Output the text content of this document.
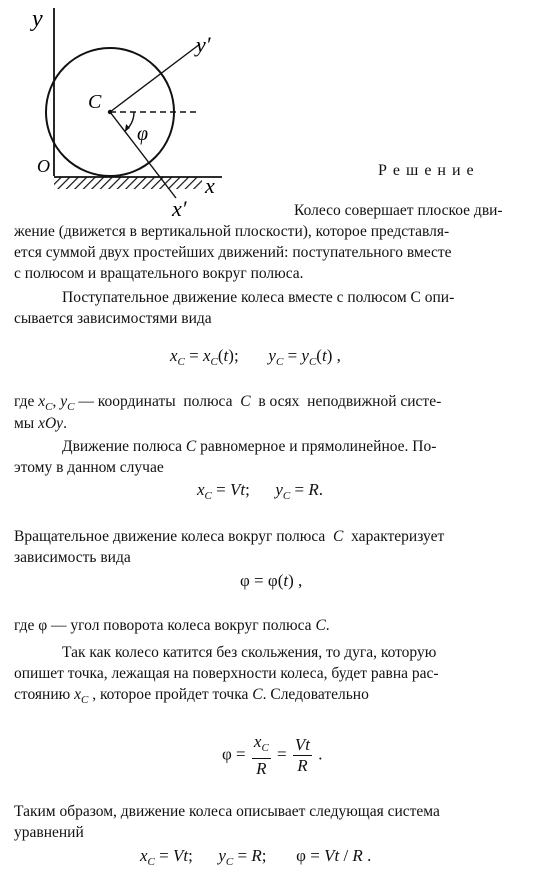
y
y′
C
φ
O
x
x′
Р е ш е н и е
Колесо совершает плоское дви-
жение (движется в вертикальной плоскости), которое представля-
ется суммой двух простейших движений: поступательного вместе
с полюсом и вращательного вокруг полюса.
Поступательное движение колеса вместе с полюсом C опи-
сывается зависимостями вида
$x_C = x_C(t)$;       $y_C = y_C(t)$ ,
где $x_C$, $y_C$ — координаты  полюса  C  в осях  неподвижной систе-
мы xOy.
Движение полюса C равномерное и прямолинейное. По-
этому в данном случае
$x_C = Vt$;      $y_C = R$.
Вращательное движение колеса вокруг полюса  C  характеризует
зависимость вида
φ = φ(t) ,
где φ — угол поворота колеса вокруг полюса C.
Так как колесо катится без скольжения, то дуга, которую
опишет точка, лежащая на поверхности колеса, будет равна рас-
стоянию $x_C$ , которое пройдет точка C. Следовательно
$\varphi = \frac{x_C}{R} = \frac{Vt}{R}$ .
Таким образом, движение колеса описывает следующая система
уравнений
$x_C = Vt$;      $y_C = R$;       φ = Vt / R .
